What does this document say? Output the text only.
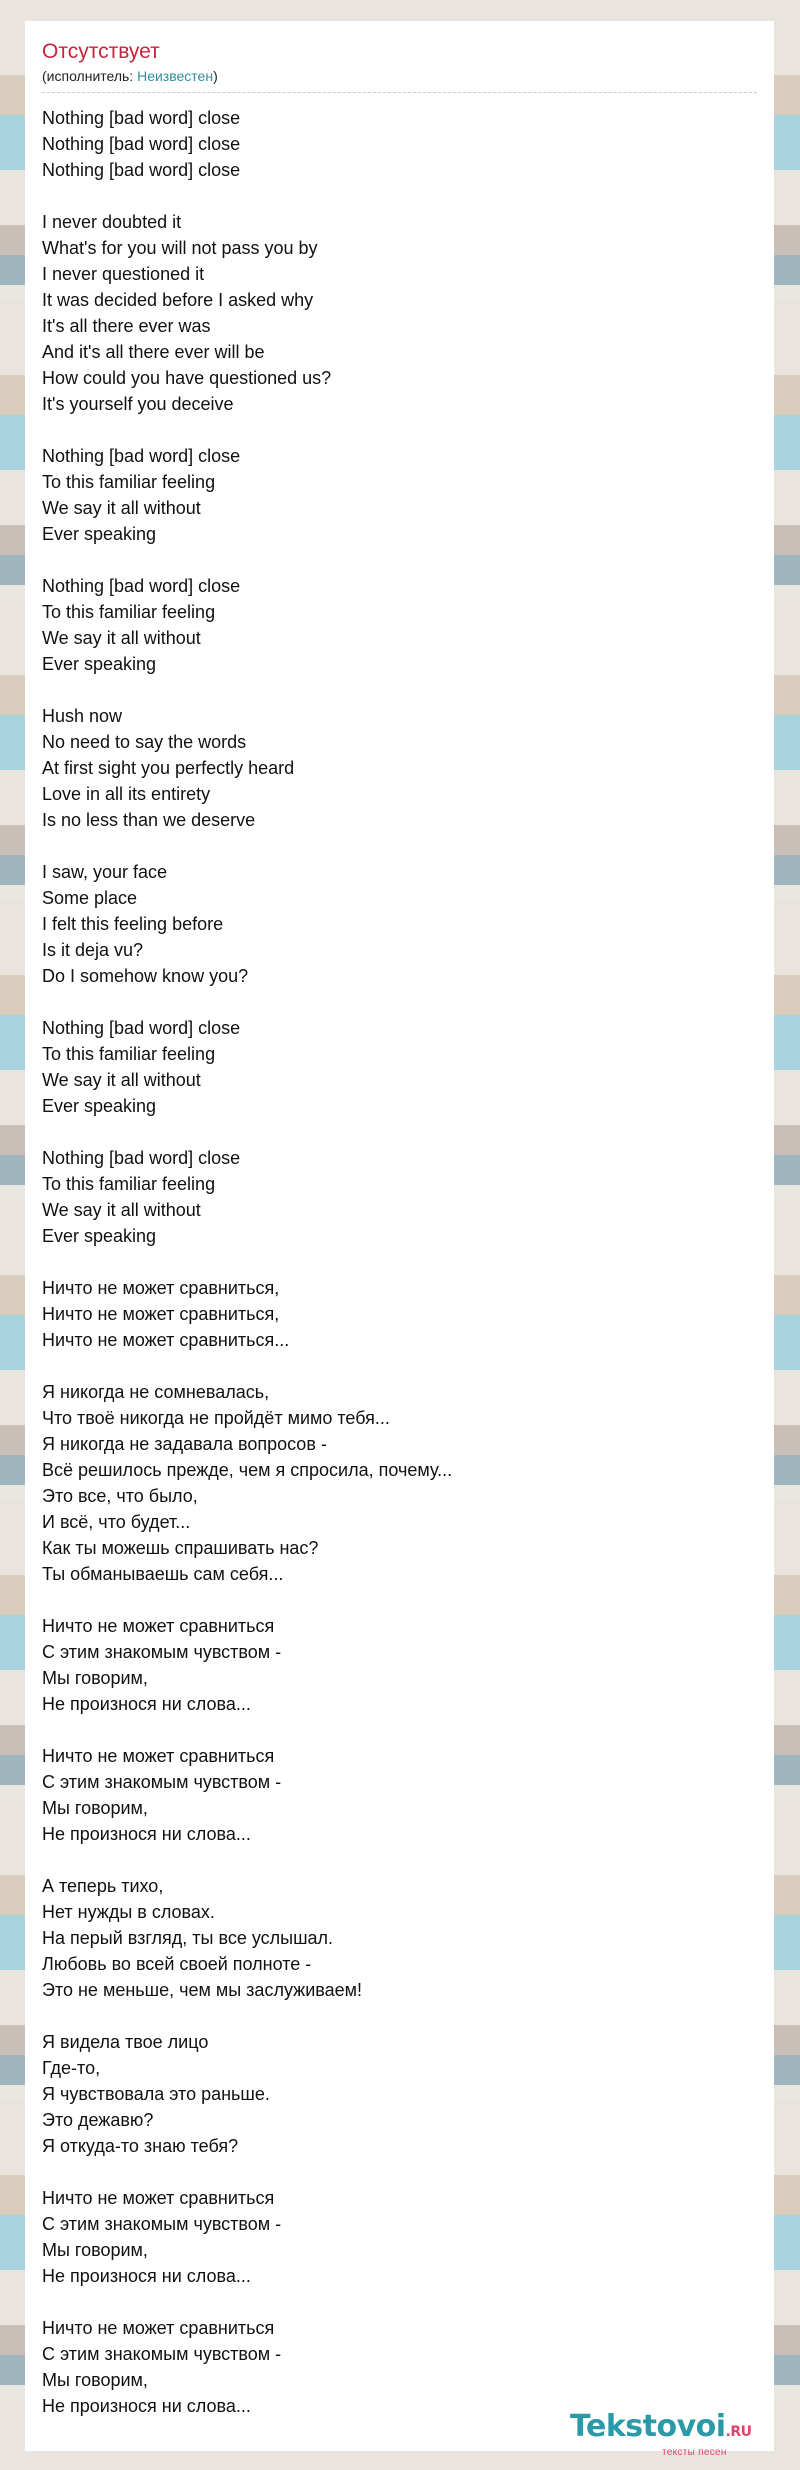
Отсутствует
(исполнитель: Неизвестен)
Nothing [bad word] close
Nothing [bad word] close
Nothing [bad word] close
I never doubted it
What's for you will not pass you by
I never questioned it
It was decided before I asked why
It's all there ever was
And it's all there ever will be
How could you have questioned us?
It's yourself you deceive
Nothing [bad word] close
To this familiar feeling
We say it all without
Ever speaking
Nothing [bad word] close
To this familiar feeling
We say it all without
Ever speaking
Hush now
No need to say the words
At first sight you perfectly heard
Love in all its entirety
Is no less than we deserve
I saw, your face
Some place
I felt this feeling before
Is it deja vu?
Do I somehow know you?
Nothing [bad word] close
To this familiar feeling
We say it all without
Ever speaking
Nothing [bad word] close
To this familiar feeling
We say it all without
Ever speaking
Ничто не может сравниться,
Ничто не может сравниться,
Ничто не может сравниться...
Я никогда не сомневалась,
Что твоё никогда не пройдёт мимо тебя...
Я никогда не задавала вопросов -
Всё решилось прежде, чем я спросила, почему...
Это все, что было,
И всё, что будет...
Как ты можешь спрашивать нас?
Ты обманываешь сам себя...
Ничто не может сравниться
С этим знакомым чувством -
Мы говорим,
Не произнося ни слова...
Ничто не может сравниться
С этим знакомым чувством -
Мы говорим,
Не произнося ни слова...
А теперь тихо,
Нет нужды в словах.
На перый взгляд, ты все услышал.
Любовь во всей своей полноте -
Это не меньше, чем мы заслуживаем!
Я видела твое лицо
Где-то,
Я чувствовала это раньше.
Это дежавю?
Я откуда-то знаю тебя?
Ничто не может сравниться
С этим знакомым чувством -
Мы говорим,
Не произнося ни слова...
Ничто не может сравниться
С этим знакомым чувством -
Мы говорим,
Не произнося ни слова...
Tekstovoi.RU
тексты песен
